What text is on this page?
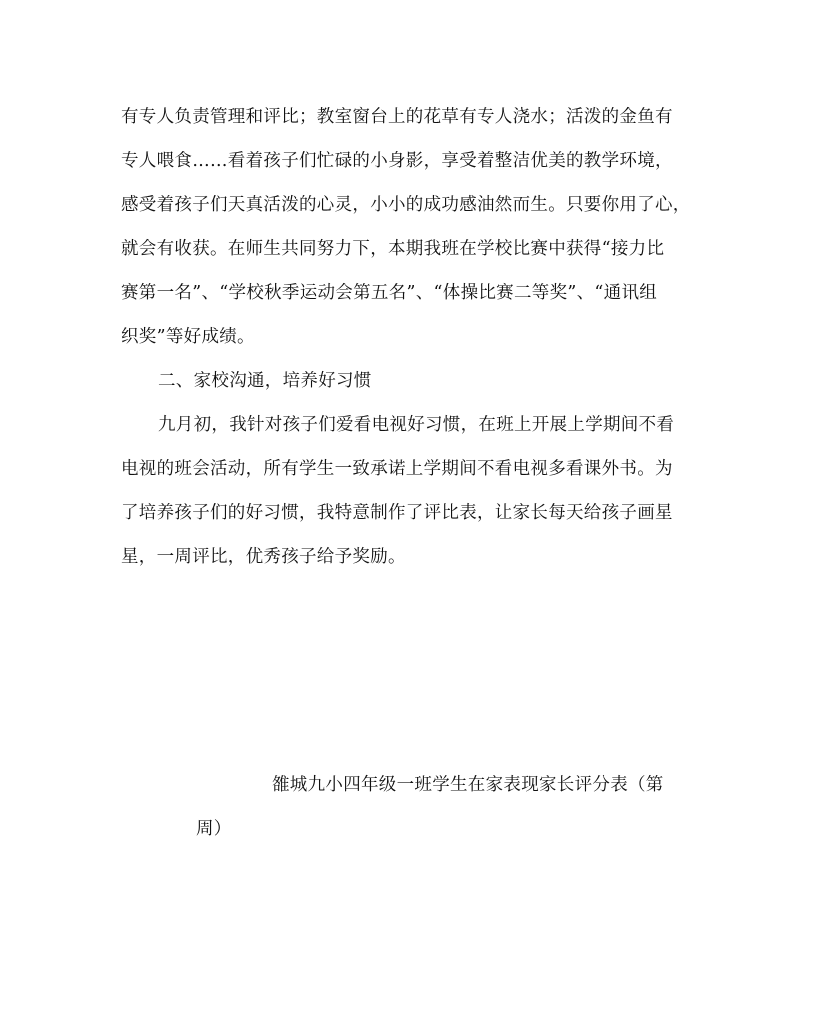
有专人负责管理和评比；教室窗台上的花草有专人浇水；活泼的金鱼有
专人喂食……看着孩子们忙碌的小身影，享受着整洁优美的教学环境，
感受着孩子们天真活泼的心灵，小小的成功感油然而生。只要你用了心，
就会有收获。在师生共同努力下，本期我班在学校比赛中获得“接力比
赛第一名”、“学校秋季运动会第五名”、“体操比赛二等奖”、“通讯组
织奖”等好成绩。
二、家校沟通，培养好习惯
九月初，我针对孩子们爱看电视好习惯，在班上开展上学期间不看
电视的班会活动，所有学生一致承诺上学期间不看电视多看课外书。为
了培养孩子们的好习惯，我特意制作了评比表，让家长每天给孩子画星
星，一周评比，优秀孩子给予奖励。
雒城九小四年级一班学生在家表现家长评分表（第
周）
